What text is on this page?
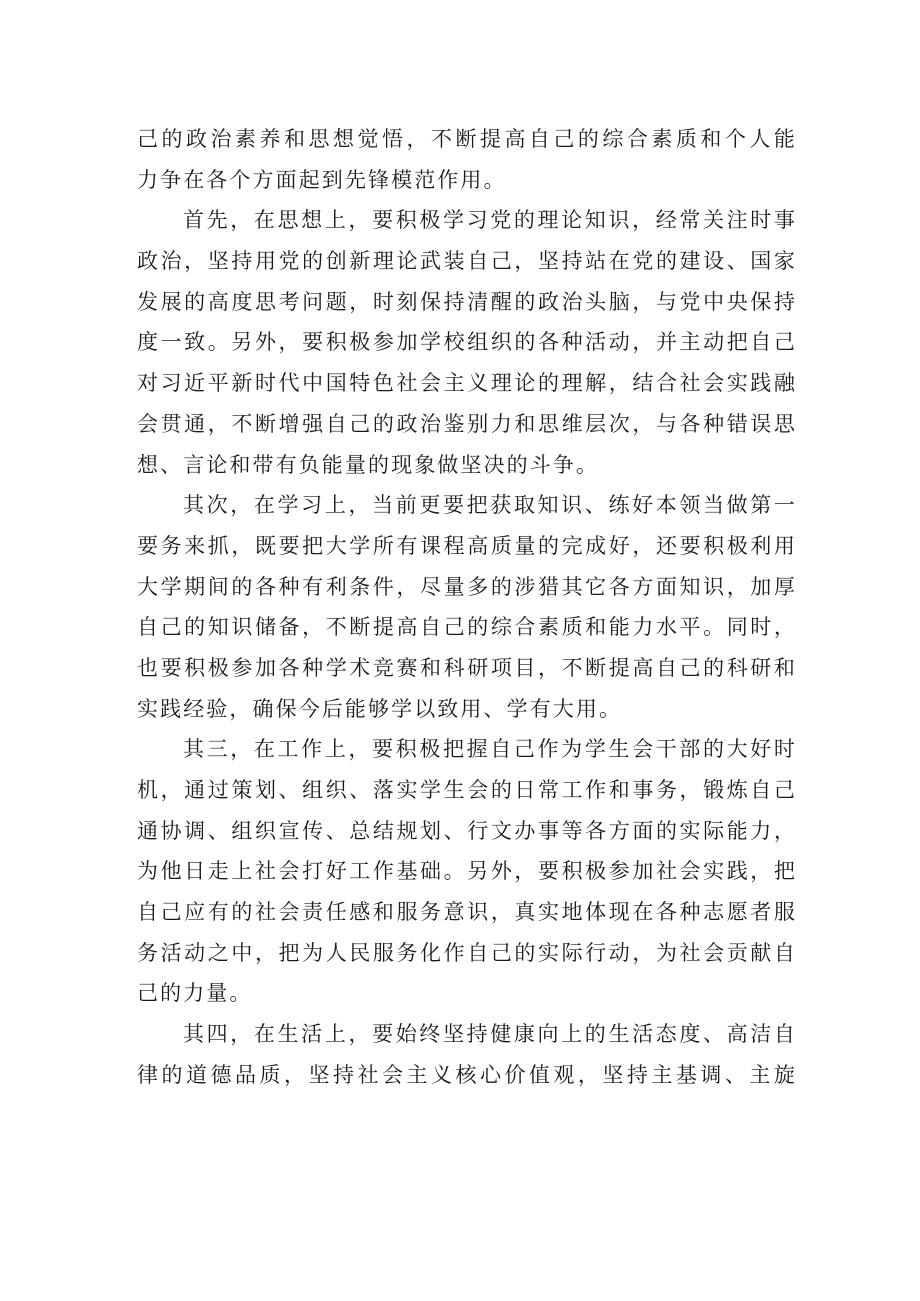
己的政治素养和思想觉悟，不断提高自己的综合素质和个人能
力争在各个方面起到先锋模范作用。
首先，在思想上，要积极学习党的理论知识，经常关注时事
政治，坚持用党的创新理论武装自己，坚持站在党的建设、国家
发展的高度思考问题，时刻保持清醒的政治头脑，与党中央保持
度一致。另外，要积极参加学校组织的各种活动，并主动把自己
对习近平新时代中国特色社会主义理论的理解，结合社会实践融
会贯通，不断增强自己的政治鉴别力和思维层次，与各种错误思
想、言论和带有负能量的现象做坚决的斗争。
其次，在学习上，当前更要把获取知识、练好本领当做第一
要务来抓，既要把大学所有课程高质量的完成好，还要积极利用
大学期间的各种有利条件，尽量多的涉猎其它各方面知识，加厚
自己的知识储备，不断提高自己的综合素质和能力水平。同时，
也要积极参加各种学术竞赛和科研项目，不断提高自己的科研和
实践经验，确保今后能够学以致用、学有大用。
其三，在工作上，要积极把握自己作为学生会干部的大好时
机，通过策划、组织、落实学生会的日常工作和事务，锻炼自己
通协调、组织宣传、总结规划、行文办事等各方面的实际能力，
为他日走上社会打好工作基础。另外，要积极参加社会实践，把
自己应有的社会责任感和服务意识，真实地体现在各种志愿者服
务活动之中，把为人民服务化作自己的实际行动，为社会贡献自
己的力量。
其四，在生活上，要始终坚持健康向上的生活态度、高洁自
律的道德品质，坚持社会主义核心价值观，坚持主基调、主旋
